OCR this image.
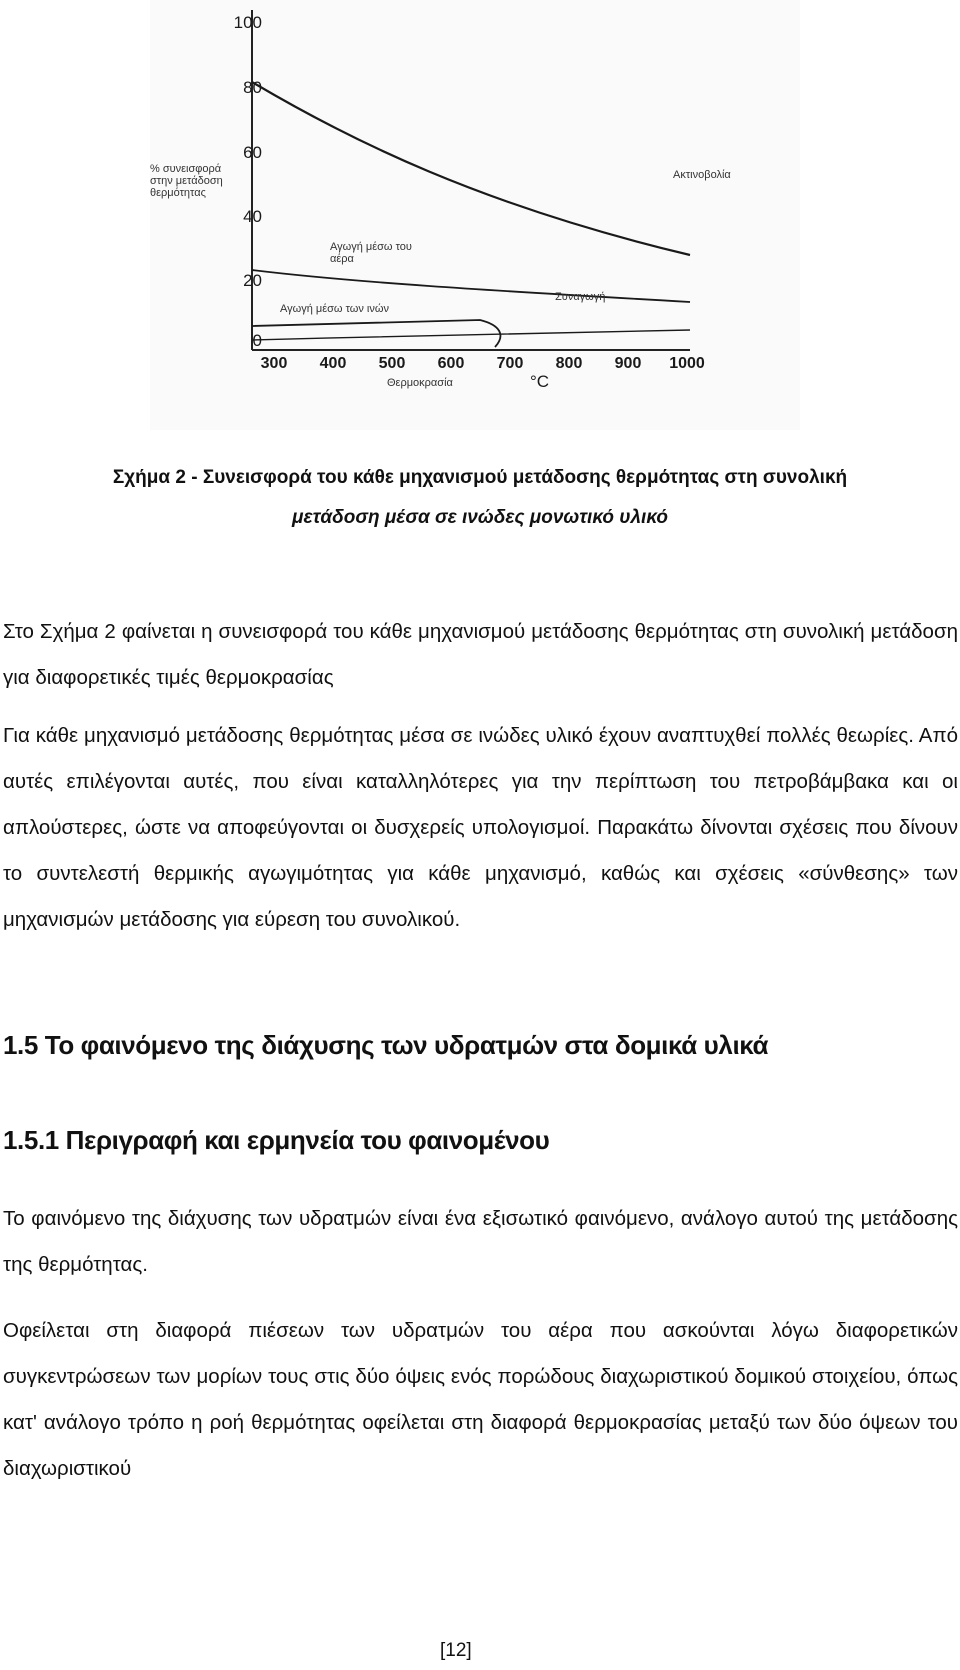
100
80
60
40
20
0
300 400 500 600 700 800 900 1000
% συνεισφορά
στην μετάδοση
θερμότητας
Θερμοκρασία	°C
Ακτινοβολία
Αγωγή μέσω του
αέρα
Συναγωγή
Αγωγή μέσω των ινών
Σχήμα 2 - Συνεισφορά του κάθε μηχανισμού μετάδοσης θερμότητας στη συνολική
μετάδοση μέσα σε ινώδες μονωτικό υλικό

Στο Σχήμα 2 φαίνεται η συνεισφορά του κάθε μηχανισμού μετάδοσης θερμότητας στη συνολική μετάδοση για διαφορετικές τιμές θερμοκρασίας

Για κάθε μηχανισμό μετάδοσης θερμότητας μέσα σε ινώδες υλικό έχουν αναπτυχθεί πολλές θεωρίες. Από αυτές επιλέγονται αυτές, που είναι καταλληλότερες για την περίπτωση του πετροβάμβακα και οι απλούστερες, ώστε να αποφεύγονται οι δυσχερείς υπολογισμοί. Παρακάτω δίνονται σχέσεις που δίνουν το συντελεστή θερμικής αγωγιμότητας για κάθε μηχανισμό, καθώς και σχέσεις «σύνθεσης» των μηχανισμών μετάδοσης για εύρεση του συνολικού.

1.5 Το φαινόμενο της διάχυσης των υδρατμών στα δομικά υλικά
1.5.1 Περιγραφή και ερμηνεία του φαινομένου

Το φαινόμενο της διάχυσης των υδρατμών είναι ένα εξισωτικό φαινόμενο, ανάλογο αυτού της μετάδοσης της θερμότητας.

Οφείλεται στη διαφορά πιέσεων των υδρατμών του αέρα που ασκούνται λόγω διαφορετικών συγκεντρώσεων των μορίων τους στις δύο όψεις ενός πορώδους διαχωριστικού δομικού στοιχείου, όπως κατ' ανάλογο τρόπο η ροή θερμότητας οφείλεται στη διαφορά θερμοκρασίας μεταξύ των δύο όψεων του διαχωριστικού

[12]
